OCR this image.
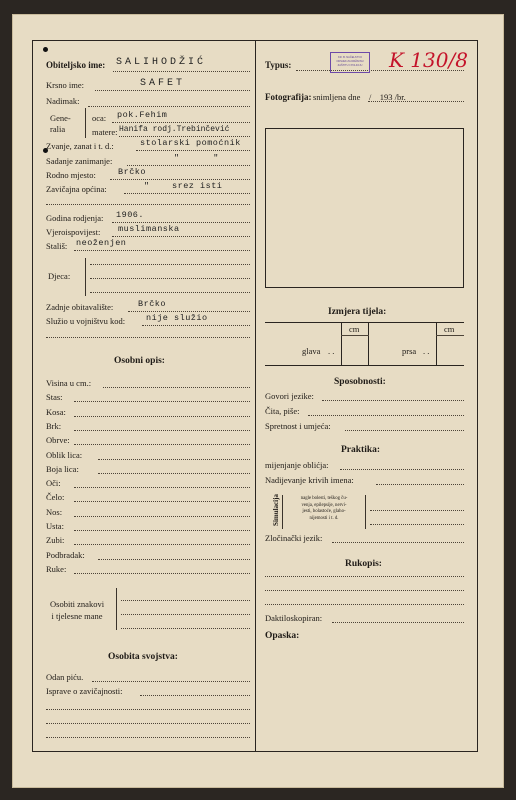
Obiteljsko ime: SALIHODŽIĆ
Krsno ime:	SAFET
Nadimak:
Gene-
ralia
oca: pok.Fehim
matere: Hanifa rodj.Trebinčević
Zvanje, zanat i t. d.:	stolarski pomoćnik
Sadanje zanimanje:	"      "
Rodno mjesto:	Brčko
Zavičajna općina:	"    srez isti
Godina rodjenja: 1906.
Vjeroispovijest: muslimanska
Stališ: neoženjen
Djeca:
Zadnje obitavalište:	Brčko
Služio u vojništvu kod: nije služio
Osobni opis:
Visina u cm.:
Stas:
Kosa:
Brk:
Obrve:
Oblik lica:
Boja lica:
Oči:
Čelo:
Nos:
Usta:
Zubi:
Podbradak:
Ruke:
Osobiti znakovi
i tjelesne mane
Osobita svojstva:
Odan piću.
Isprave o zavičajnosti:
Typus:
KR. B. NAČELSTVO
ODSJEK ZA DRŽAVNU
ZAŠTITU I POLICIJU	K 130/8
Fotografija: snimljena dne    /    193 /br.
Izmjera tijela:
cm	cm
glava . .	prsa . .
Sposobnosti:
Govori jezike:
Čita, piše:
Spretnost i umjeća:
Praktika:
mijenjanje oblićja:
Nadijevanje krivih imena:
Simulacija	nagle bolesti, teškog ču-
venja, epilepsije, nervi-
jesti, bolastoće, glaho-
nijemosti i t. d.
Zločinački jezik:
Rukopis:
Daktiloskopiran:
Opaska:
